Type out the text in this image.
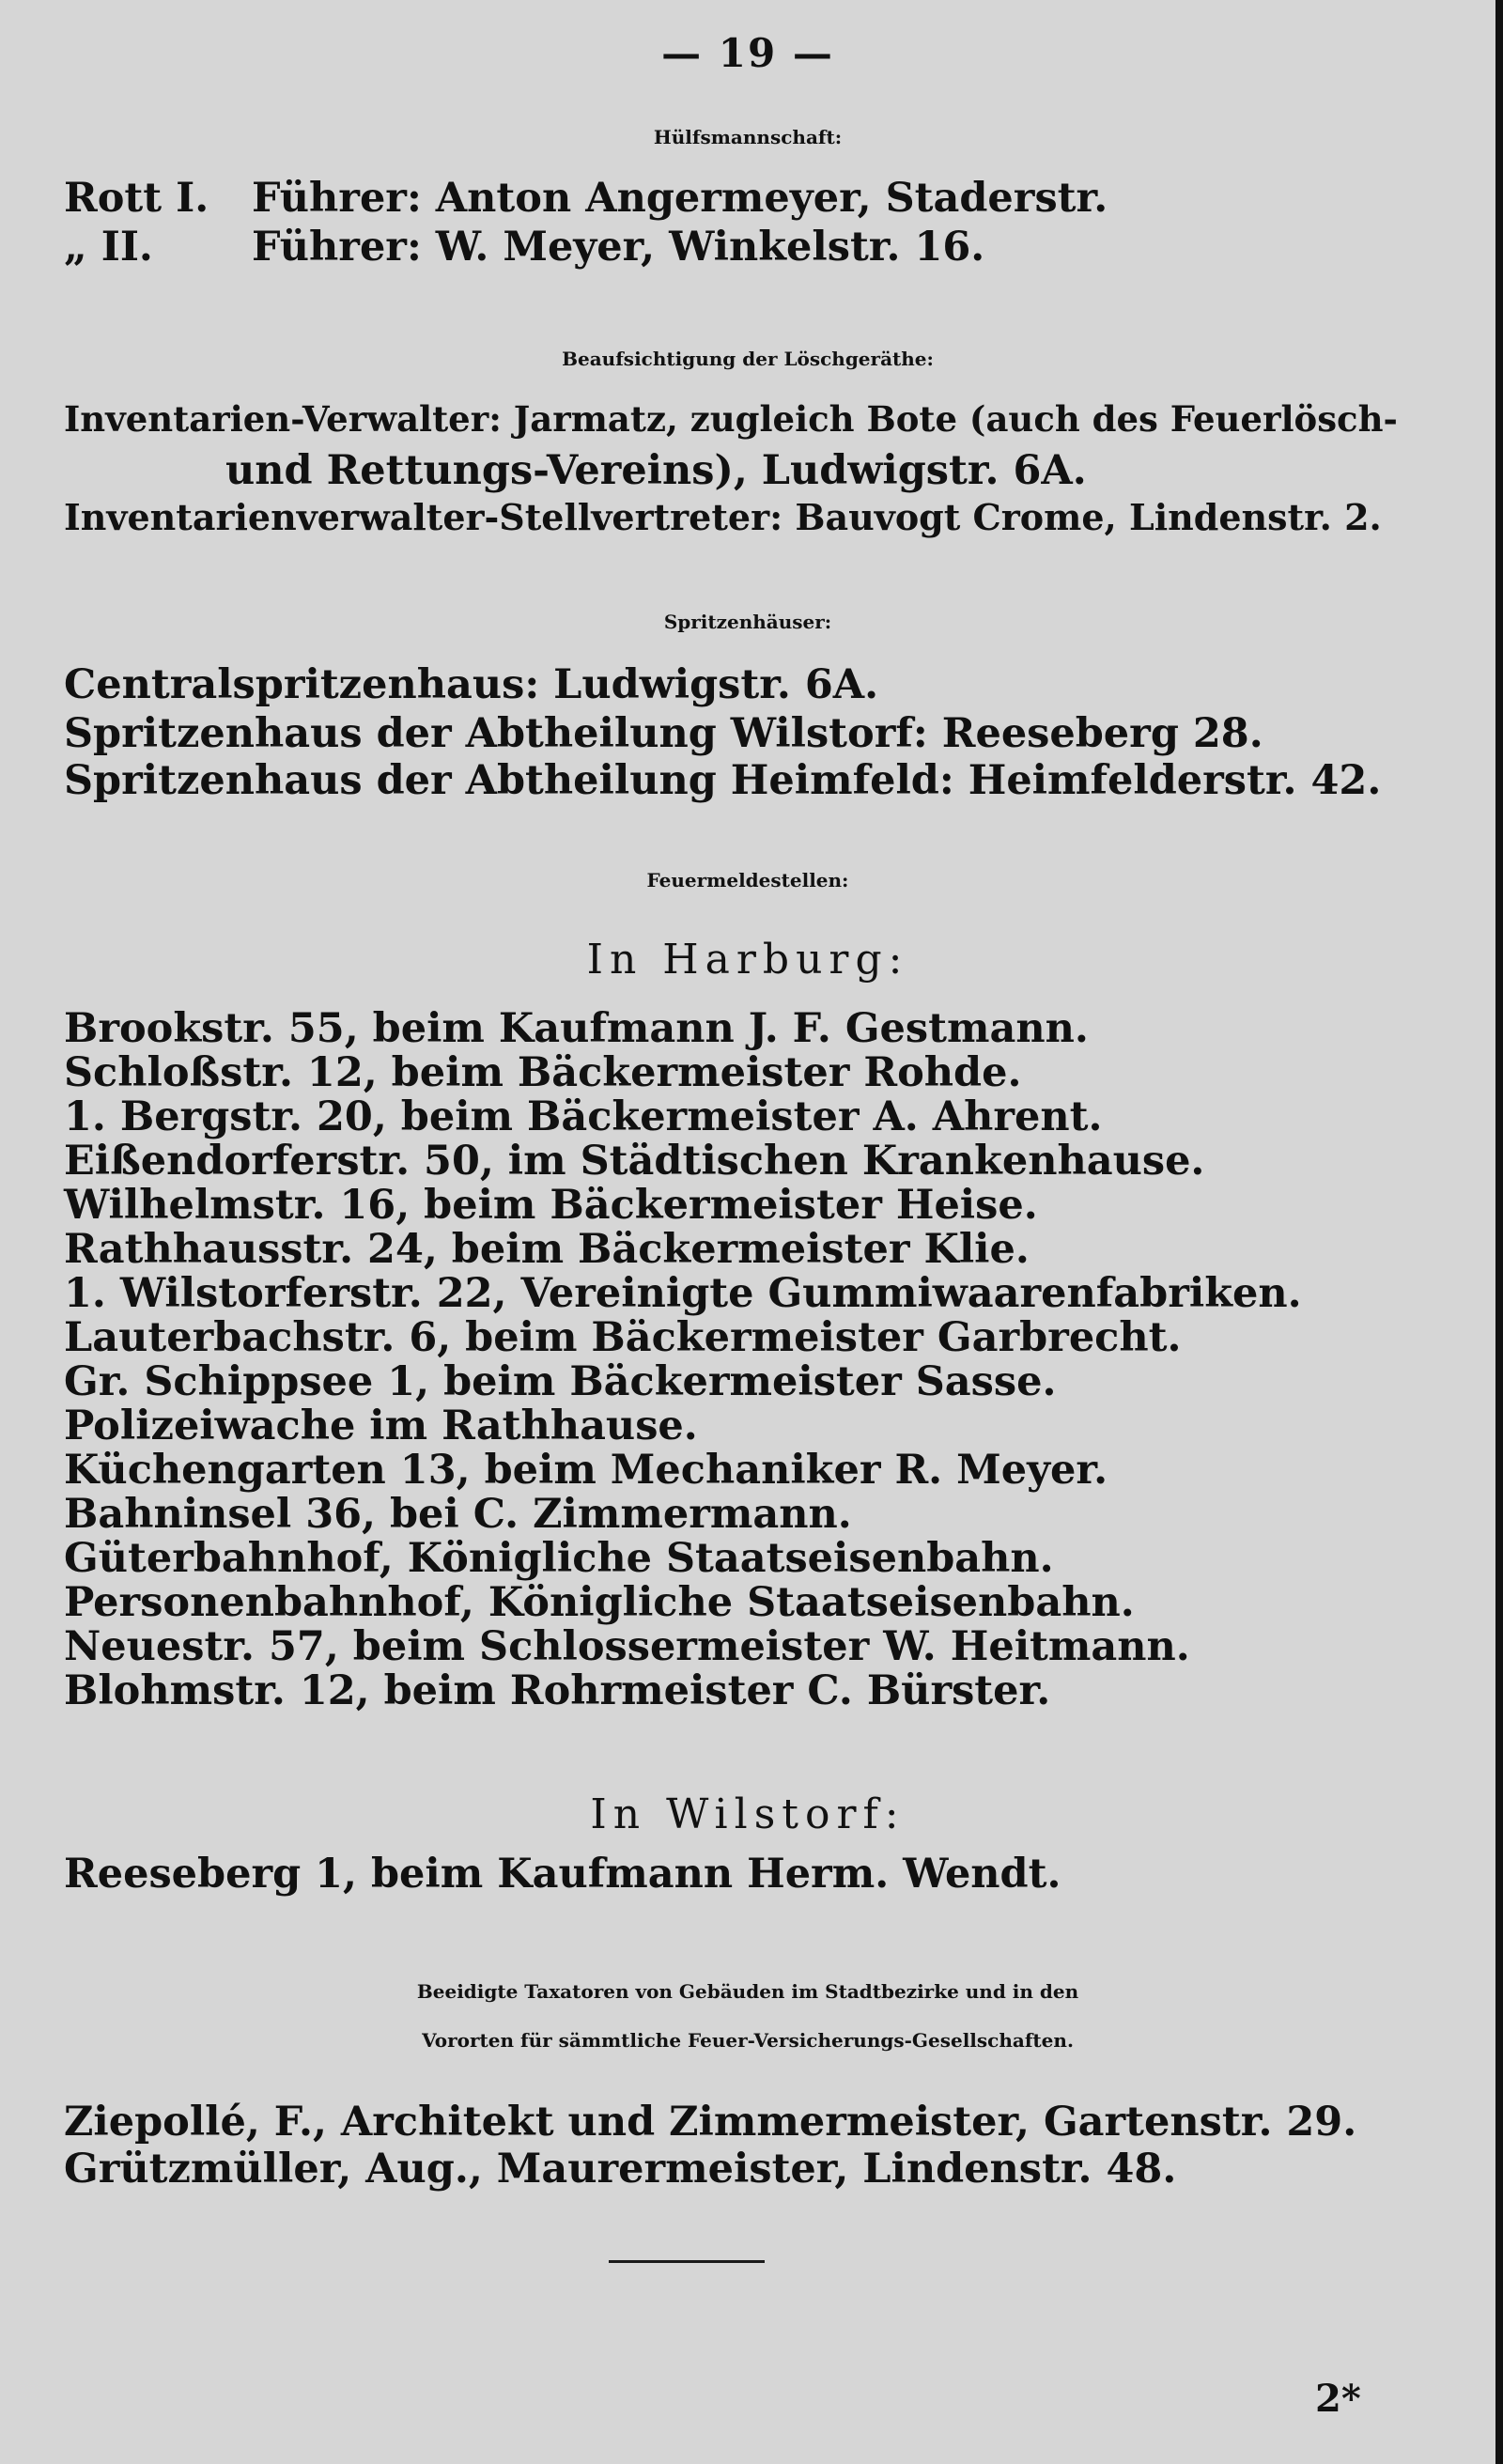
— 19 —
Hülfsmannschaft:
Rott I. Führer: Anton Angermeyer, Staderstr.
„ II. Führer: W. Meyer, Winkelstr. 16.
Beaufsichtigung der Löschgeräthe:
Inventarien-Verwalter: Jarmatz, zugleich Bote (auch des Feuerlösch-
und Rettungs-Vereins), Ludwigstr. 6A.
Inventarienverwalter-Stellvertreter: Bauvogt Crome, Lindenstr. 2.
Spritzenhäuser:
Centralspritzenhaus: Ludwigstr. 6A.
Spritzenhaus der Abtheilung Wilstorf: Reeseberg 28.
Spritzenhaus der Abtheilung Heimfeld: Heimfelderstr. 42.
Feuermeldestellen:
In Harburg:
Brookstr. 55, beim Kaufmann J. F. Gestmann.
Schloßstr. 12, beim Bäckermeister Rohde.
1. Bergstr. 20, beim Bäckermeister A. Ahrent.
Eißendorferstr. 50, im Städtischen Krankenhause.
Wilhelmstr. 16, beim Bäckermeister Heise.
Rathhausstr. 24, beim Bäckermeister Klie.
1. Wilstorferstr. 22, Vereinigte Gummiwaarenfabriken.
Lauterbachstr. 6, beim Bäckermeister Garbrecht.
Gr. Schippsee 1, beim Bäckermeister Sasse.
Polizeiwache im Rathhause.
Küchengarten 13, beim Mechaniker R. Meyer.
Bahninsel 36, bei C. Zimmermann.
Güterbahnhof, Königliche Staatseisenbahn.
Personenbahnhof, Königliche Staatseisenbahn.
Neuestr. 57, beim Schlossermeister W. Heitmann.
Blohmstr. 12, beim Rohrmeister C. Bürster.
In Wilstorf:
Reeseberg 1, beim Kaufmann Herm. Wendt.
Beeidigte Taxatoren von Gebäuden im Stadtbezirke und in den
Vororten für sämmtliche Feuer-Versicherungs-Gesellschaften.
Ziepollé, F., Architekt und Zimmermeister, Gartenstr. 29.
Grützmüller, Aug., Maurermeister, Lindenstr. 48.
2*
